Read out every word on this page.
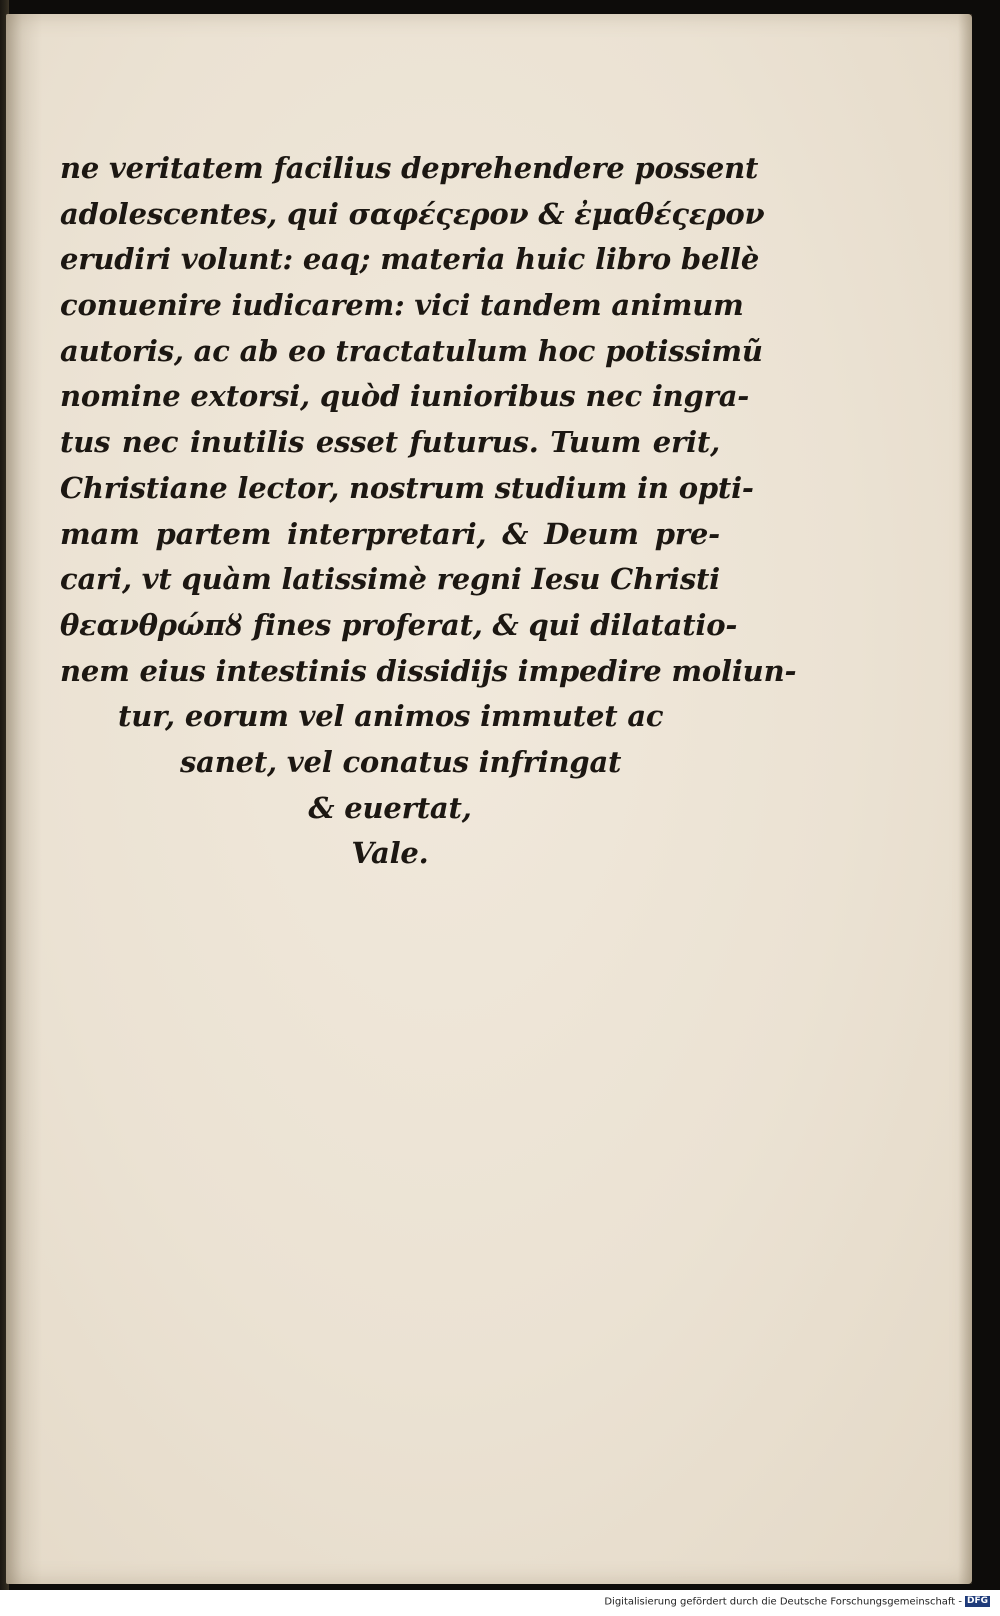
ne veritatem facilius deprehendere possent
adolescentes, qui σαφέςερον & ἐμαθέςερον
erudiri volunt: eaq; materia huic libro bellè
conuenire iudicarem: vici tandem animum
autoris, ac ab eo tractatulum hoc potissimũ
nomine extorsi, quòd iunioribus nec ingra-
tus nec inutilis esset futurus. Tuum erit,
Christiane lector, nostrum studium in opti-
mam partem interpretari, & Deum pre-
cari, vt quàm latissimè regni Iesu Christi
θεανθρώπȣ fines proferat, & qui dilatatio-
nem eius intestinis dissidijs impedire moliun-
tur, eorum vel animos immutet ac
sanet, vel conatus infringat
& euertat,
Vale.
Digitalisierung gefördert durch die Deutsche Forschungsgemeinschaft - DFG
